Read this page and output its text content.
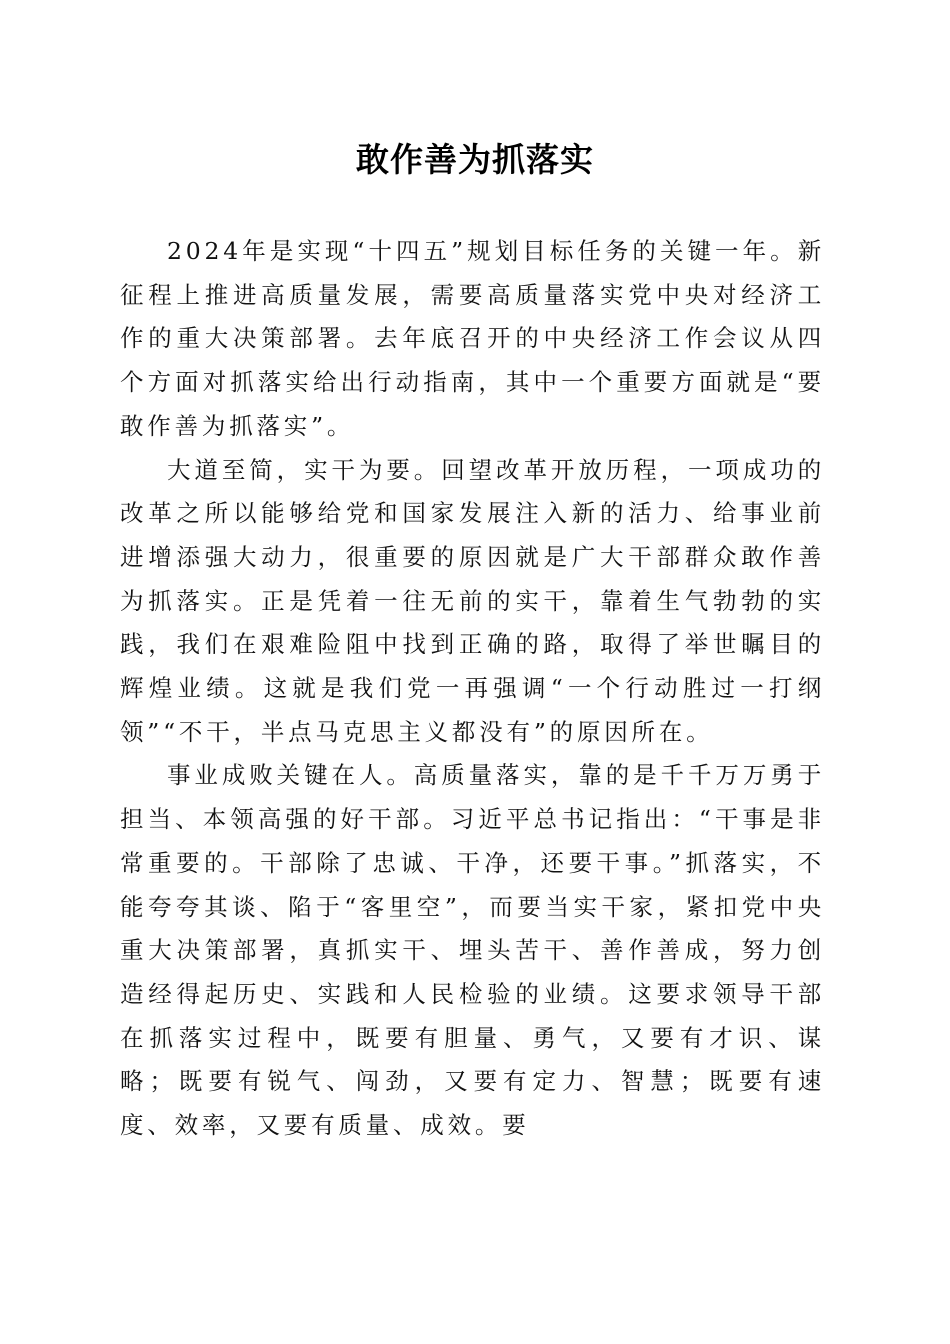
敢作善为抓落实

2024年是实现“十四五”规划目标任务的关键一年。新征程上推进高质量发展，需要高质量落实党中央对经济工作的重大决策部署。去年底召开的中央经济工作会议从四个方面对抓落实给出行动指南，其中一个重要方面就是“要敢作善为抓落实”。

大道至简，实干为要。回望改革开放历程，一项成功的改革之所以能够给党和国家发展注入新的活力、给事业前进增添强大动力，很重要的原因就是广大干部群众敢作善为抓落实。正是凭着一往无前的实干，靠着生气勃勃的实践，我们在艰难险阻中找到正确的路，取得了举世瞩目的辉煌业绩。这就是我们党一再强调“一个行动胜过一打纲领”“不干，半点马克思主义都没有”的原因所在。

事业成败关键在人。高质量落实，靠的是千千万万勇于担当、本领高强的好干部。习近平总书记指出：“干事是非常重要的。干部除了忠诚、干净，还要干事。”抓落实，不能夸夸其谈、陷于“客里空”，而要当实干家，紧扣党中央重大决策部署，真抓实干、埋头苦干、善作善成，努力创造经得起历史、实践和人民检验的业绩。这要求领导干部在抓落实过程中，既要有胆量、勇气，又要有才识、谋略；既要有锐气、闯劲，又要有定力、智慧；既要有速度、效率，又要有质量、成效。要
